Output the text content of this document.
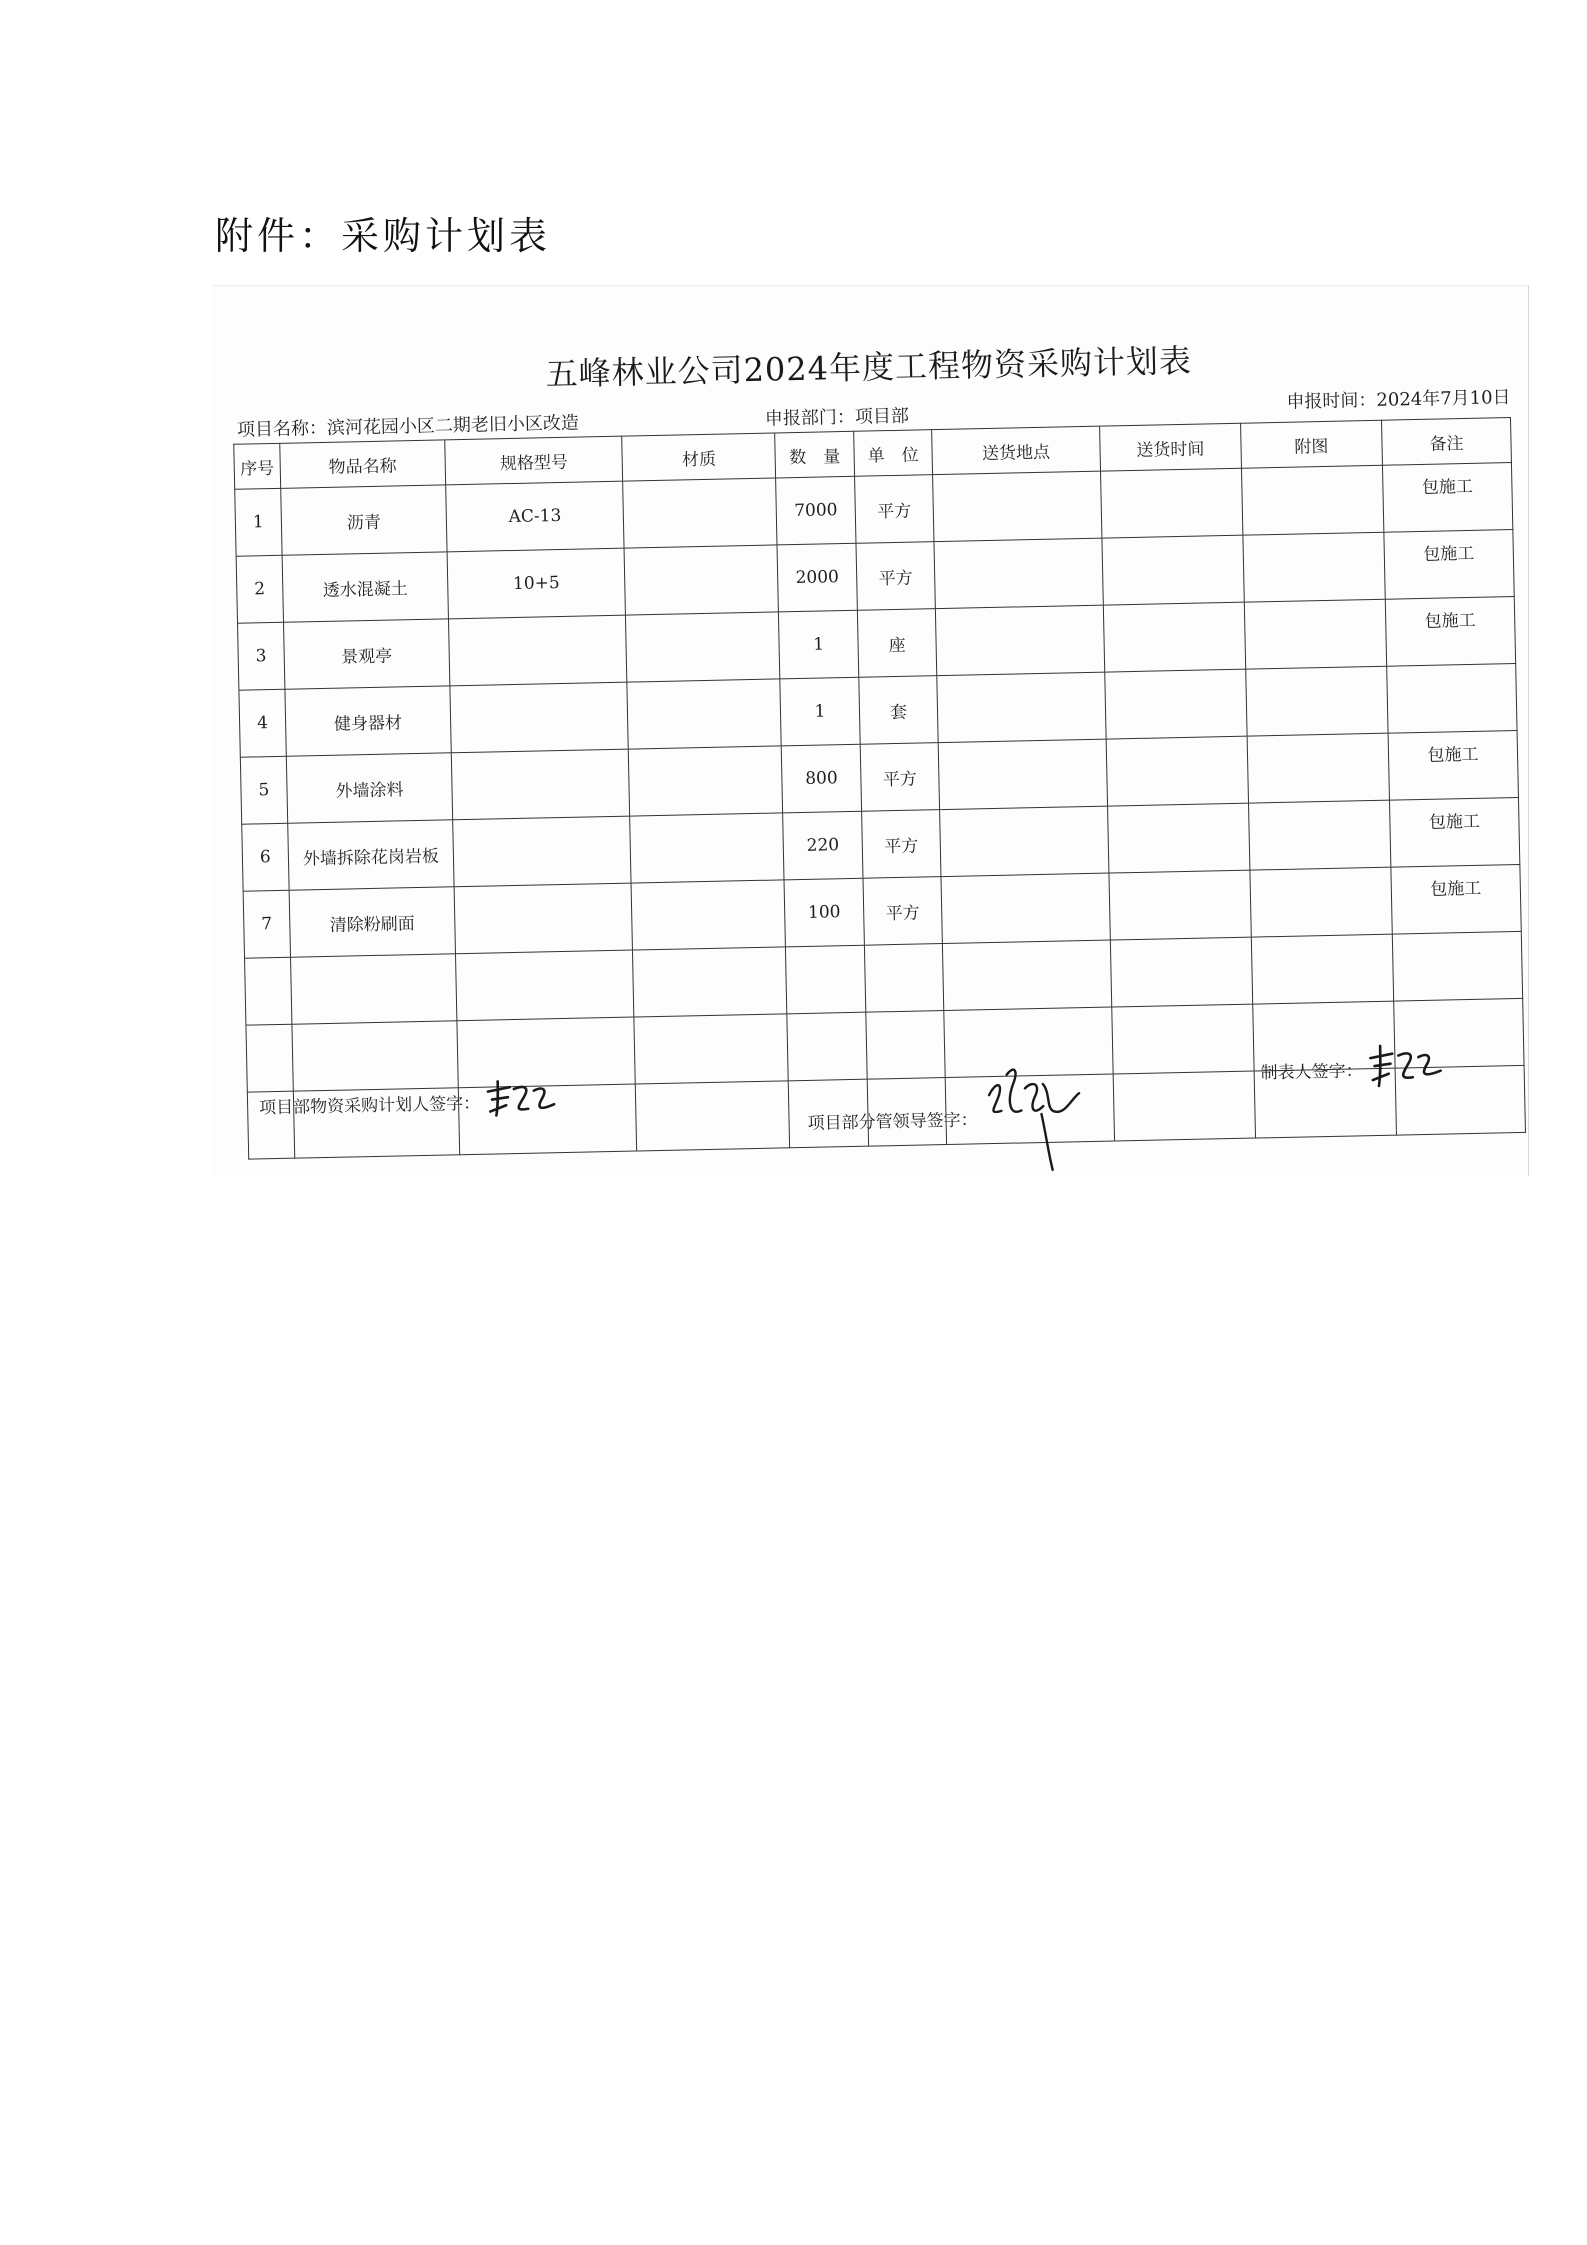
附件：采购计划表
五峰林业公司2024年度工程物资采购计划表
项目名称：滨河花园小区二期老旧小区改造	申报部门：项目部
申报时间：2024年7月10日
序号	物品名称	规格型号	材质	数　量	单　位	送货地点	送货时间	附图	备注
1	沥青	AC-13		7000	平方				包施工
2	透水混凝土	10+5		2000	平方				包施工
3	景观亭			1	座				包施工
4	健身器材			1	套				
5	外墙涂料			800	平方				包施工
6	外墙拆除花岗岩板			220	平方				包施工
7	清除粉刷面			100	平方				包施工

项目部物资采购计划人签字：
项目部分管领导签字：
制表人签字：
